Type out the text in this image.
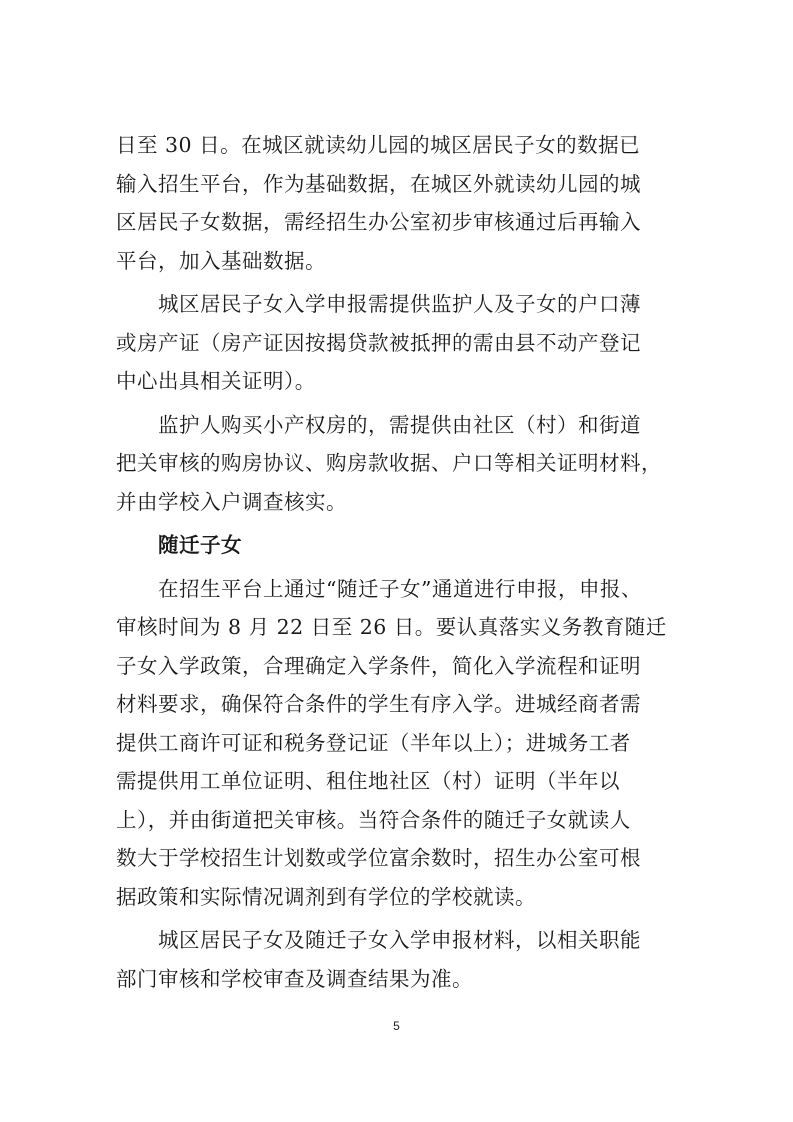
日至 30 日。在城区就读幼儿园的城区居民子女的数据已
输入招生平台，作为基础数据，在城区外就读幼儿园的城
区居民子女数据，需经招生办公室初步审核通过后再输入
平台，加入基础数据。
城区居民子女入学申报需提供监护人及子女的户口薄
或房产证（房产证因按揭贷款被抵押的需由县不动产登记
中心出具相关证明）。
监护人购买小产权房的，需提供由社区（村）和街道
把关审核的购房协议、购房款收据、户口等相关证明材料，
并由学校入户调查核实。
随迁子女
在招生平台上通过“随迁子女”通道进行申报，申报、
审核时间为 8 月 22 日至 26 日。要认真落实义务教育随迁
子女入学政策，合理确定入学条件，简化入学流程和证明
材料要求，确保符合条件的学生有序入学。进城经商者需
提供工商许可证和税务登记证（半年以上）；进城务工者
需提供用工单位证明、租住地社区（村）证明（半年以
上），并由街道把关审核。当符合条件的随迁子女就读人
数大于学校招生计划数或学位富余数时，招生办公室可根
据政策和实际情况调剂到有学位的学校就读。
城区居民子女及随迁子女入学申报材料，以相关职能
部门审核和学校审查及调查结果为准。
5
